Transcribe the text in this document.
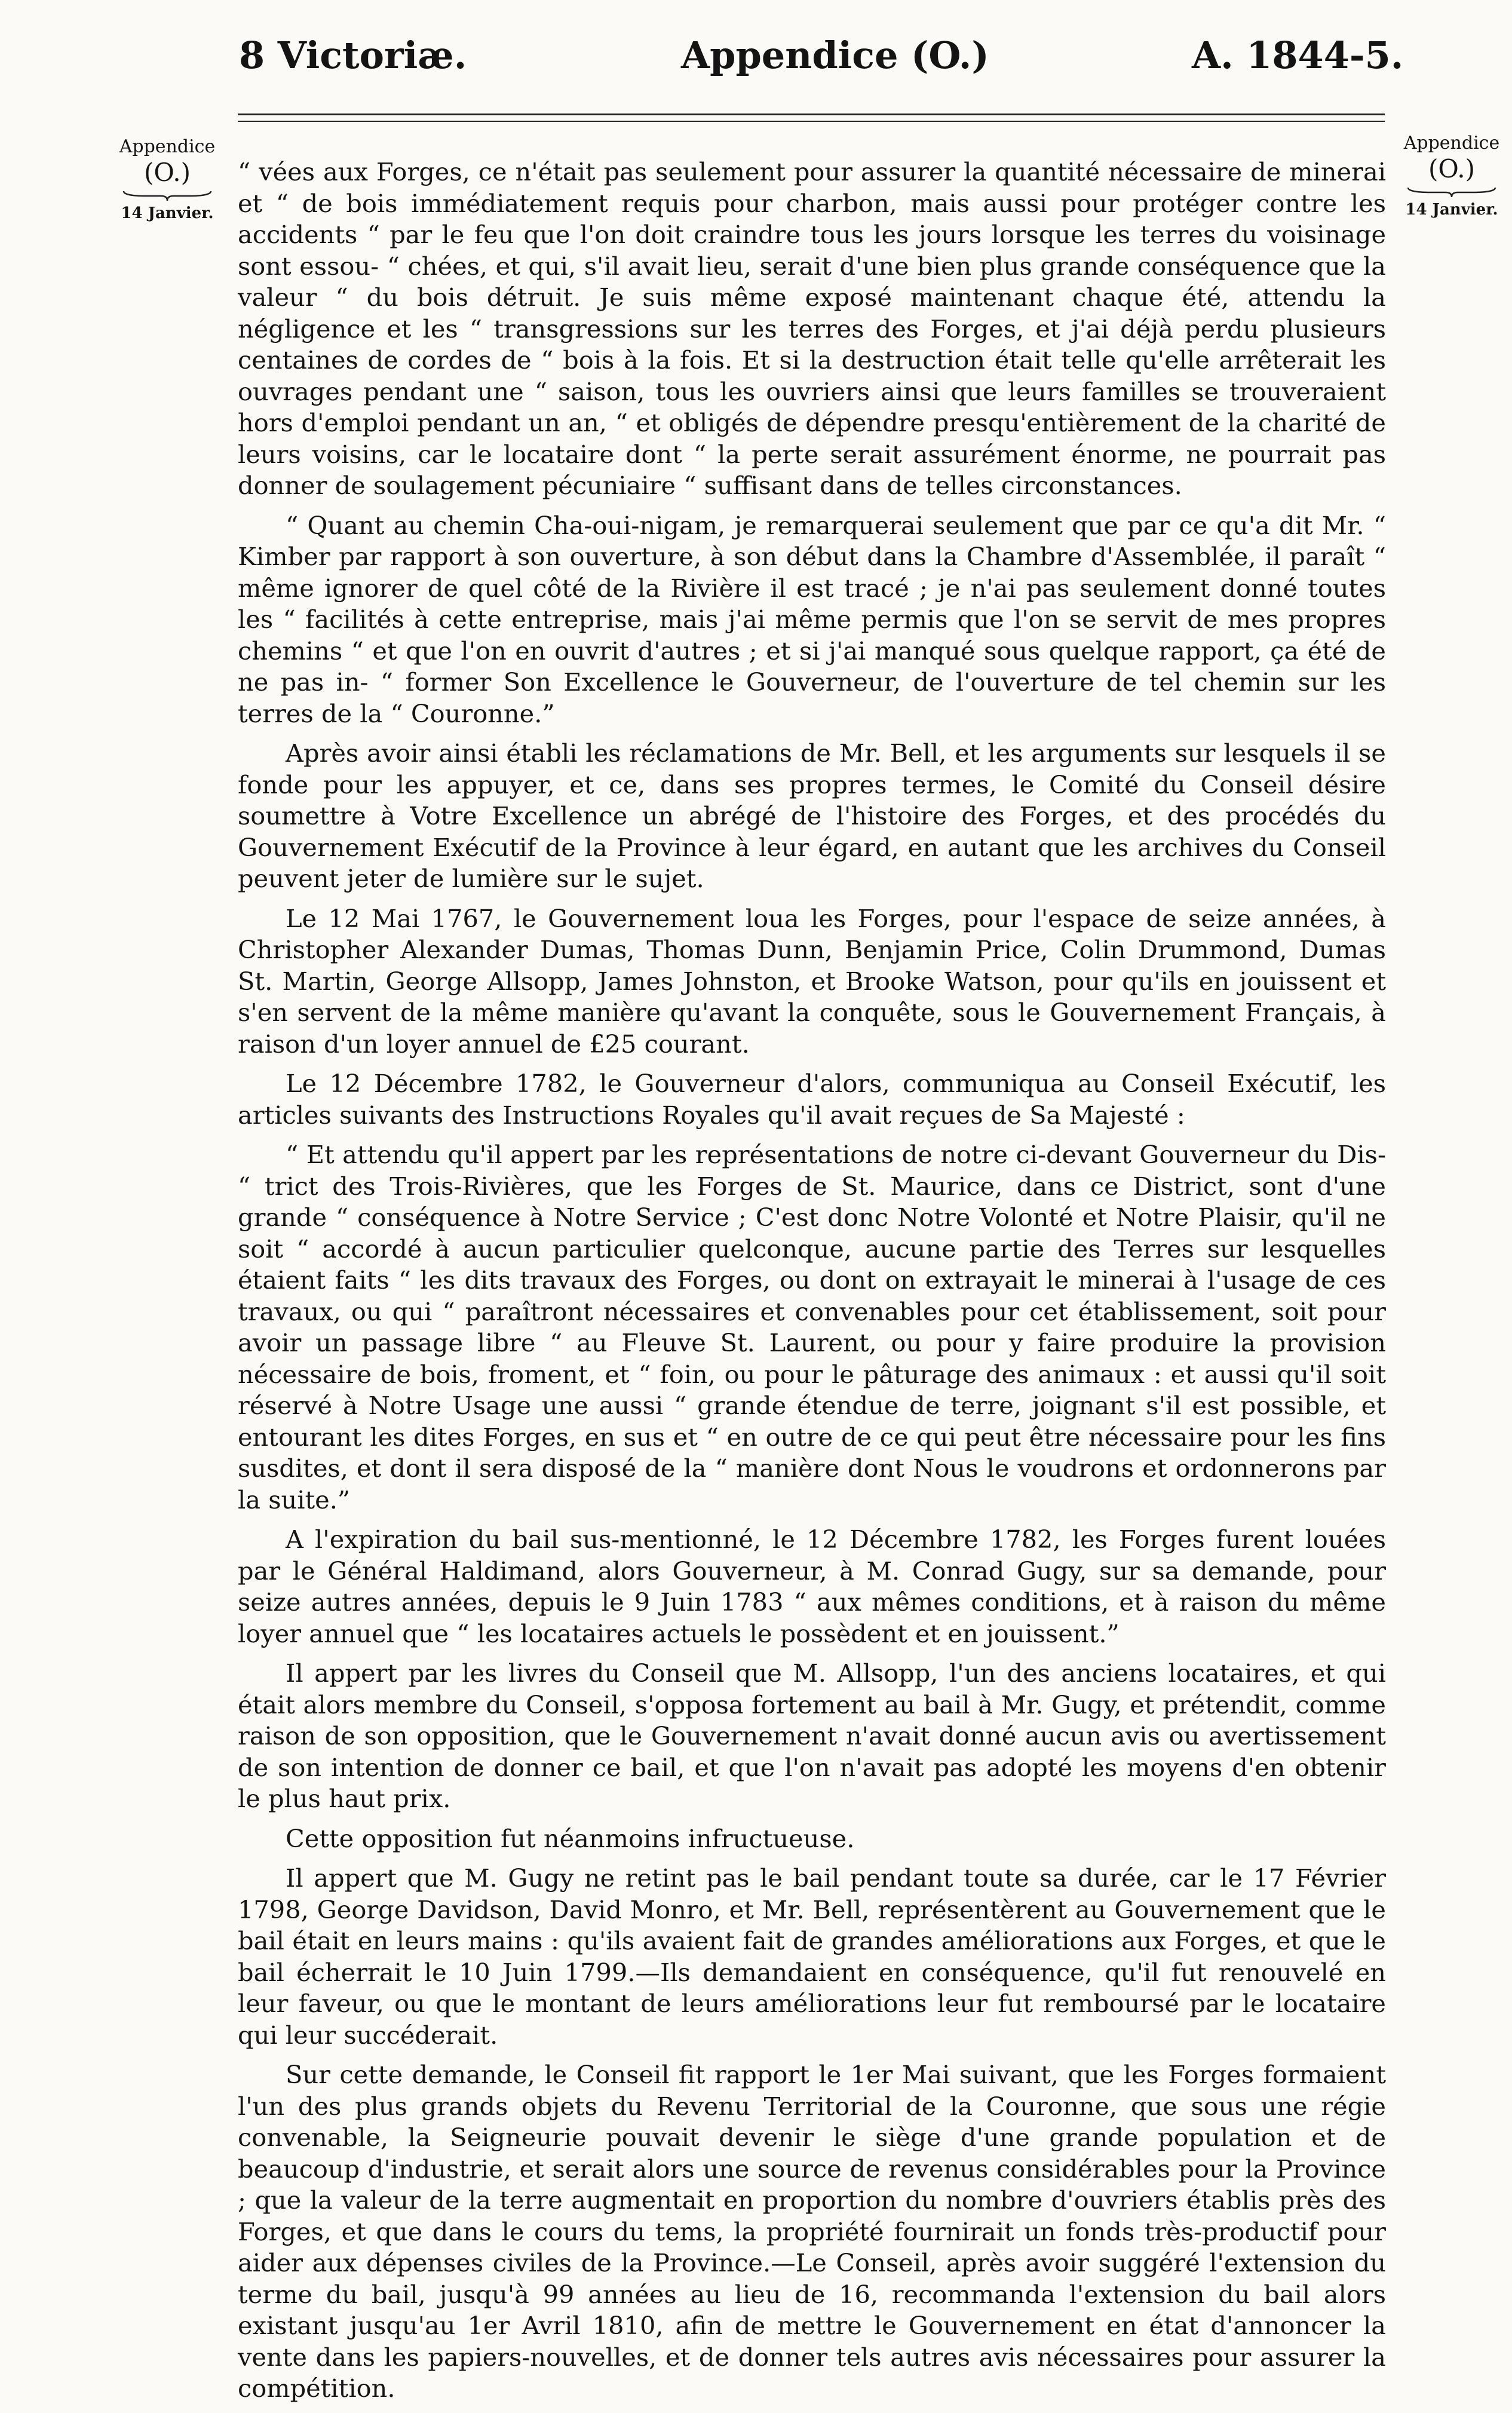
8 Victoriæ.	Appendice (O.)	A. 1844-5.
Appendice
(O.)
14 Janvier.
Appendice
(O.)
14 Janvier.

“ vées aux Forges, ce n'était pas seulement pour assurer la quantité nécessaire de minerai et “ de bois immédiatement requis pour charbon, mais aussi pour protéger contre les accidents “ par le feu que l'on doit craindre tous les jours lorsque les terres du voisinage sont essou- “ chées, et qui, s'il avait lieu, serait d'une bien plus grande conséquence que la valeur “ du bois détruit. Je suis même exposé maintenant chaque été, attendu la négligence et les “ transgressions sur les terres des Forges, et j'ai déjà perdu plusieurs centaines de cordes de “ bois à la fois. Et si la destruction était telle qu'elle arrêterait les ouvrages pendant une “ saison, tous les ouvriers ainsi que leurs familles se trouveraient hors d'emploi pendant un an, “ et obligés de dépendre presqu'entièrement de la charité de leurs voisins, car le locataire dont “ la perte serait assurément énorme, ne pourrait pas donner de soulagement pécuniaire “ suffisant dans de telles circonstances.

“ Quant au chemin Cha-oui-nigam, je remarquerai seulement que par ce qu'a dit Mr. “ Kimber par rapport à son ouverture, à son début dans la Chambre d'Assemblée, il paraît “ même ignorer de quel côté de la Rivière il est tracé ; je n'ai pas seulement donné toutes les “ facilités à cette entreprise, mais j'ai même permis que l'on se servit de mes propres chemins “ et que l'on en ouvrit d'autres ; et si j'ai manqué sous quelque rapport, ça été de ne pas in- “ former Son Excellence le Gouverneur, de l'ouverture de tel chemin sur les terres de la “ Couronne.”

Après avoir ainsi établi les réclamations de Mr. Bell, et les arguments sur lesquels il se fonde pour les appuyer, et ce, dans ses propres termes, le Comité du Conseil désire soumettre à Votre Excellence un abrégé de l'histoire des Forges, et des procédés du Gouvernement Exécutif de la Province à leur égard, en autant que les archives du Conseil peuvent jeter de lumière sur le sujet.

Le 12 Mai 1767, le Gouvernement loua les Forges, pour l'espace de seize années, à Christopher Alexander Dumas, Thomas Dunn, Benjamin Price, Colin Drummond, Dumas St. Martin, George Allsopp, James Johnston, et Brooke Watson, pour qu'ils en jouissent et s'en servent de la même manière qu'avant la conquête, sous le Gouvernement Français, à raison d'un loyer annuel de £25 courant.

Le 12 Décembre 1782, le Gouverneur d'alors, communiqua au Conseil Exécutif, les articles suivants des Instructions Royales qu'il avait reçues de Sa Majesté :

“ Et attendu qu'il appert par les représentations de notre ci-devant Gouverneur du Dis- “ trict des Trois-Rivières, que les Forges de St. Maurice, dans ce District, sont d'une grande “ conséquence à Notre Service ; C'est donc Notre Volonté et Notre Plaisir, qu'il ne soit “ accordé à aucun particulier quelconque, aucune partie des Terres sur lesquelles étaient faits “ les dits travaux des Forges, ou dont on extrayait le minerai à l'usage de ces travaux, ou qui “ paraîtront nécessaires et convenables pour cet établissement, soit pour avoir un passage libre “ au Fleuve St. Laurent, ou pour y faire produire la provision nécessaire de bois, froment, et “ foin, ou pour le pâturage des animaux : et aussi qu'il soit réservé à Notre Usage une aussi “ grande étendue de terre, joignant s'il est possible, et entourant les dites Forges, en sus et “ en outre de ce qui peut être nécessaire pour les fins susdites, et dont il sera disposé de la “ manière dont Nous le voudrons et ordonnerons par la suite.”

A l'expiration du bail sus-mentionné, le 12 Décembre 1782, les Forges furent louées par le Général Haldimand, alors Gouverneur, à M. Conrad Gugy, sur sa demande, pour seize autres années, depuis le 9 Juin 1783 “ aux mêmes conditions, et à raison du même loyer annuel que “ les locataires actuels le possèdent et en jouissent.”

Il appert par les livres du Conseil que M. Allsopp, l'un des anciens locataires, et qui était alors membre du Conseil, s'opposa fortement au bail à Mr. Gugy, et prétendit, comme raison de son opposition, que le Gouvernement n'avait donné aucun avis ou avertissement de son intention de donner ce bail, et que l'on n'avait pas adopté les moyens d'en obtenir le plus haut prix.

Cette opposition fut néanmoins infructueuse.

Il appert que M. Gugy ne retint pas le bail pendant toute sa durée, car le 17 Février 1798, George Davidson, David Monro, et Mr. Bell, représentèrent au Gouvernement que le bail était en leurs mains : qu'ils avaient fait de grandes améliorations aux Forges, et que le bail écherrait le 10 Juin 1799.—Ils demandaient en conséquence, qu'il fut renouvelé en leur faveur, ou que le montant de leurs améliorations leur fut remboursé par le locataire qui leur succéderait.

Sur cette demande, le Conseil fit rapport le 1er Mai suivant, que les Forges formaient l'un des plus grands objets du Revenu Territorial de la Couronne, que sous une régie convenable, la Seigneurie pouvait devenir le siège d'une grande population et de beaucoup d'industrie, et serait alors une source de revenus considérables pour la Province ; que la valeur de la terre augmentait en proportion du nombre d'ouvriers établis près des Forges, et que dans le cours du tems, la propriété fournirait un fonds très-productif pour aider aux dépenses civiles de la Province.—Le Conseil, après avoir suggéré l'extension du terme du bail, jusqu'à 99 années au lieu de 16, recommanda l'extension du bail alors existant jusqu'au 1er Avril 1810, afin de mettre le Gouvernement en état d'annoncer la vente dans les papiers-nouvelles, et de donner tels autres avis nécessaires pour assurer la compétition.
